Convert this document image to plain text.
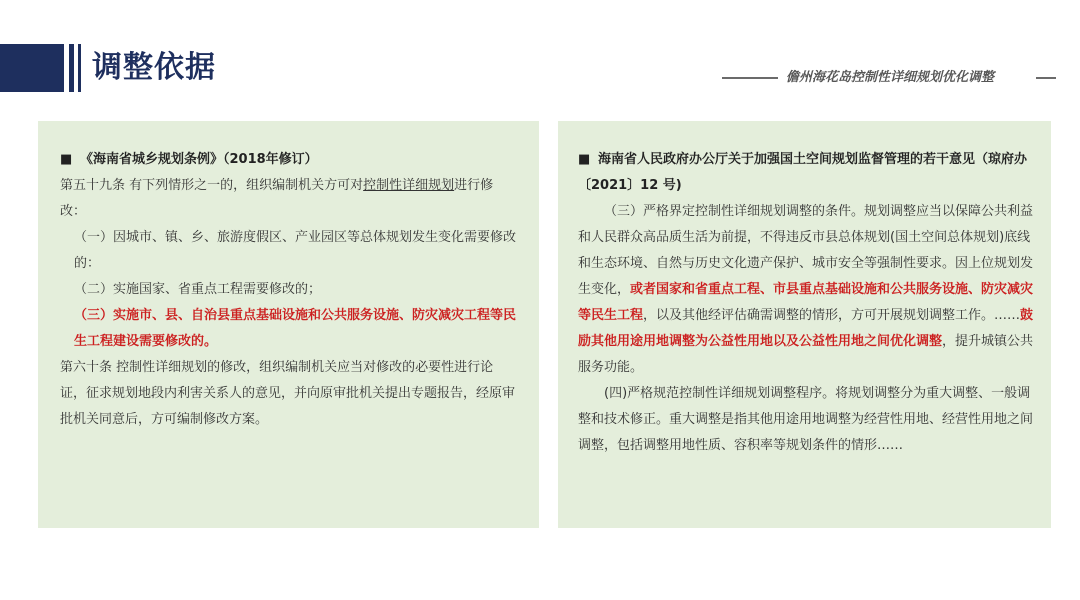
调整依据	儋州海花岛控制性详细规划优化调整

■ 《海南省城乡规划条例》（2018年修订）

第五十九条 有下列情形之一的，组织编制机关方可对控制性详细规划进行修改：

（一）因城市、镇、乡、旅游度假区、产业园区等总体规划发生变化需要修改的：

（二）实施国家、省重点工程需要修改的；

（三）实施市、县、自治县重点基础设施和公共服务设施、防灾减灾工程等民生工程建设需要修改的。

第六十条 控制性详细规划的修改，组织编制机关应当对修改的必要性进行论证，征求规划地段内利害关系人的意见，并向原审批机关提出专题报告，经原审批机关同意后，方可编制修改方案。

■ 海南省人民政府办公厅关于加强国土空间规划监督管理的若干意见（琼府办〔2021〕12 号)

（三）严格界定控制性详细规划调整的条件。规划调整应当以保障公共利益和人民群众高品质生活为前提，不得违反市县总体规划(国土空间总体规划)底线和生态环境、自然与历史文化遗产保护、城市安全等强制性要求。因上位规划发生变化，或者国家和省重点工程、市县重点基础设施和公共服务设施、防灾减灾等民生工程，以及其他经评估确需调整的情形，方可开展规划调整工作。……鼓励其他用途用地调整为公益性用地以及公益性用地之间优化调整，提升城镇公共服务功能。

(四)严格规范控制性详细规划调整程序。将规划调整分为重大调整、一般调整和技术修正。重大调整是指其他用途用地调整为经营性用地、经营性用地之间调整，包括调整用地性质、容积率等规划条件的情形……
